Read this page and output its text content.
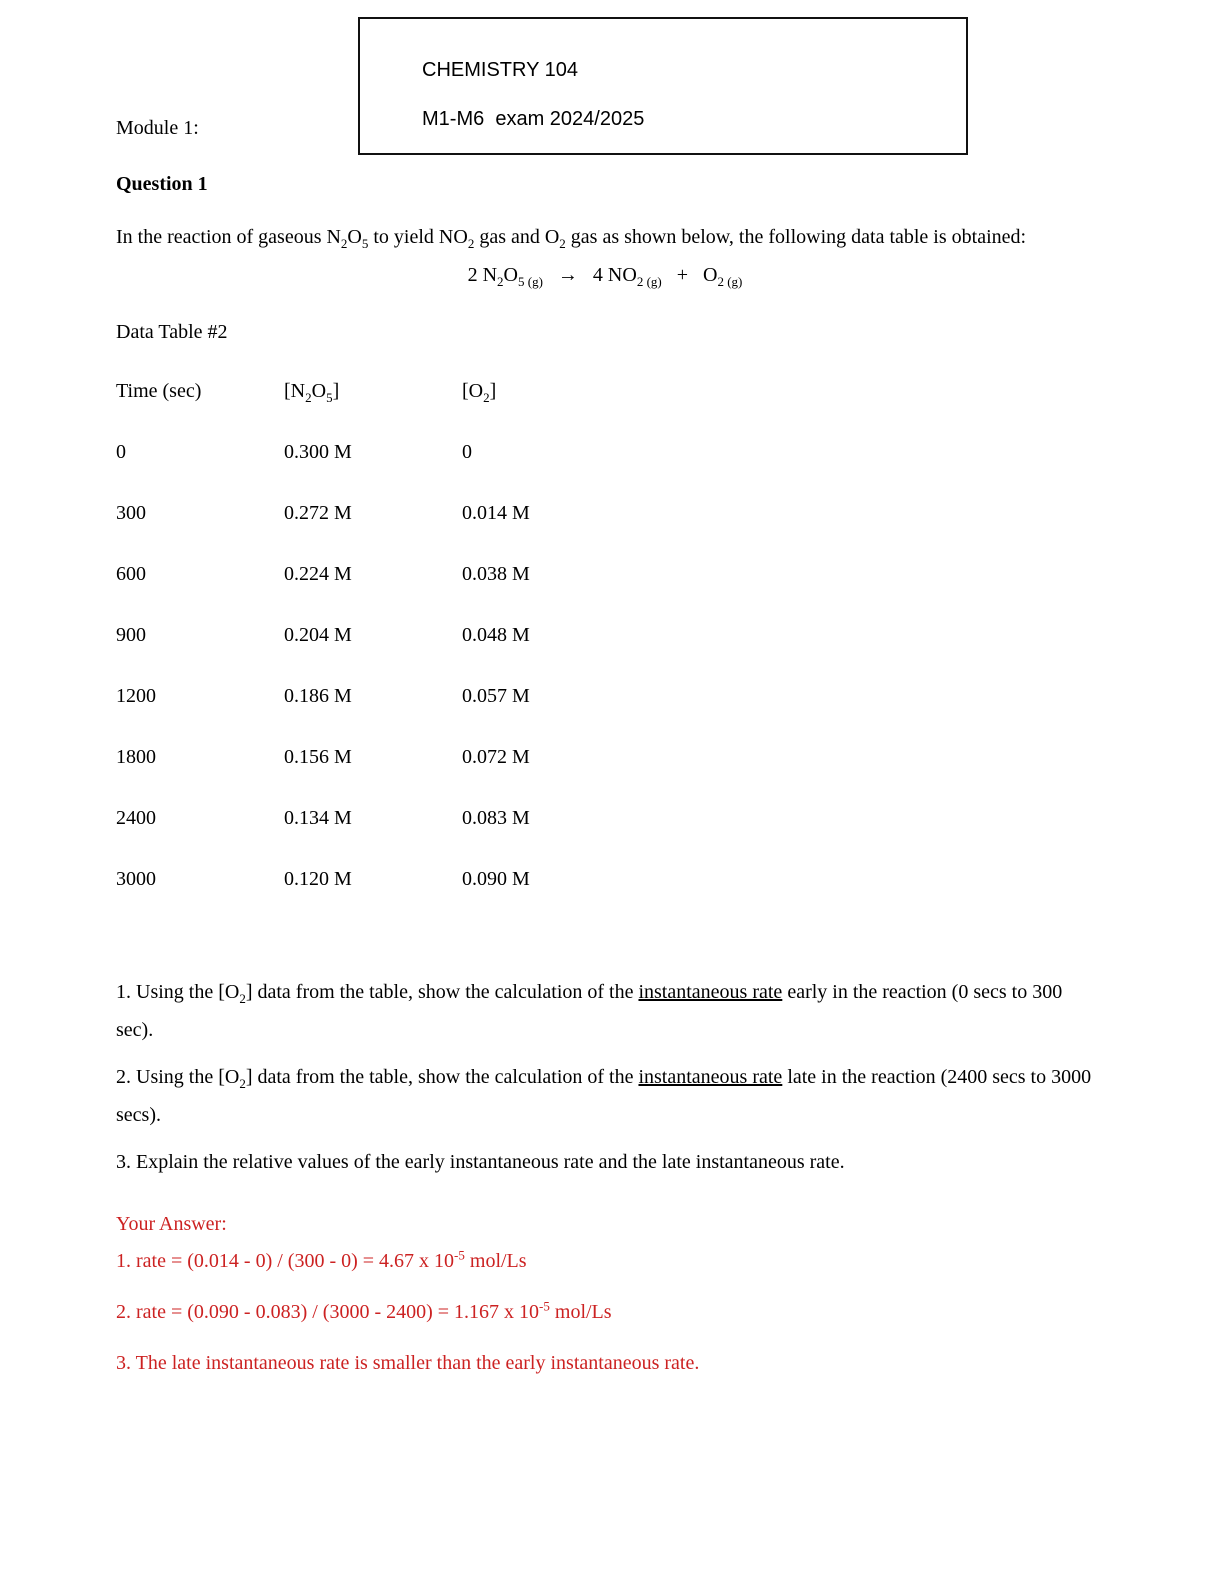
CHEMISTRY 104
M1-M6  exam 2024/2025
Module 1:
Question 1
In the reaction of gaseous $N_2O_5$ to yield $NO_2$ gas and $O_2$ gas as shown below, the following data table is obtained:
2 $N_2O_{5 (g)} \to 4$ $NO_{2 (g)} + O_{2 (g)}$
Data Table #2
Time (sec)	$[N_2O_5]$	$[O_2]$
0	0.300 M	0
300	0.272 M	0.014 M
600	0.224 M	0.038 M
900	0.204 M	0.048 M
1200	0.186 M	0.057 M
1800	0.156 M	0.072 M
2400	0.134 M	0.083 M
3000	0.120 M	0.090 M
1. Using the $[O_2]$ data from the table, show the calculation of the instantaneous rate early in the reaction (0 secs to 300 sec).
2. Using the $[O_2]$ data from the table, show the calculation of the instantaneous rate late in the reaction (2400 secs to 3000 secs).
3. Explain the relative values of the early instantaneous rate and the late instantaneous rate.
Your Answer:
1. rate = (0.014 - 0) / (300 - 0) = 4.67 x $10^{-5}$ mol/Ls
2. rate = (0.090 - 0.083) / (3000 - 2400) = 1.167 x $10^{-5}$ mol/Ls
3. The late instantaneous rate is smaller than the early instantaneous rate.
